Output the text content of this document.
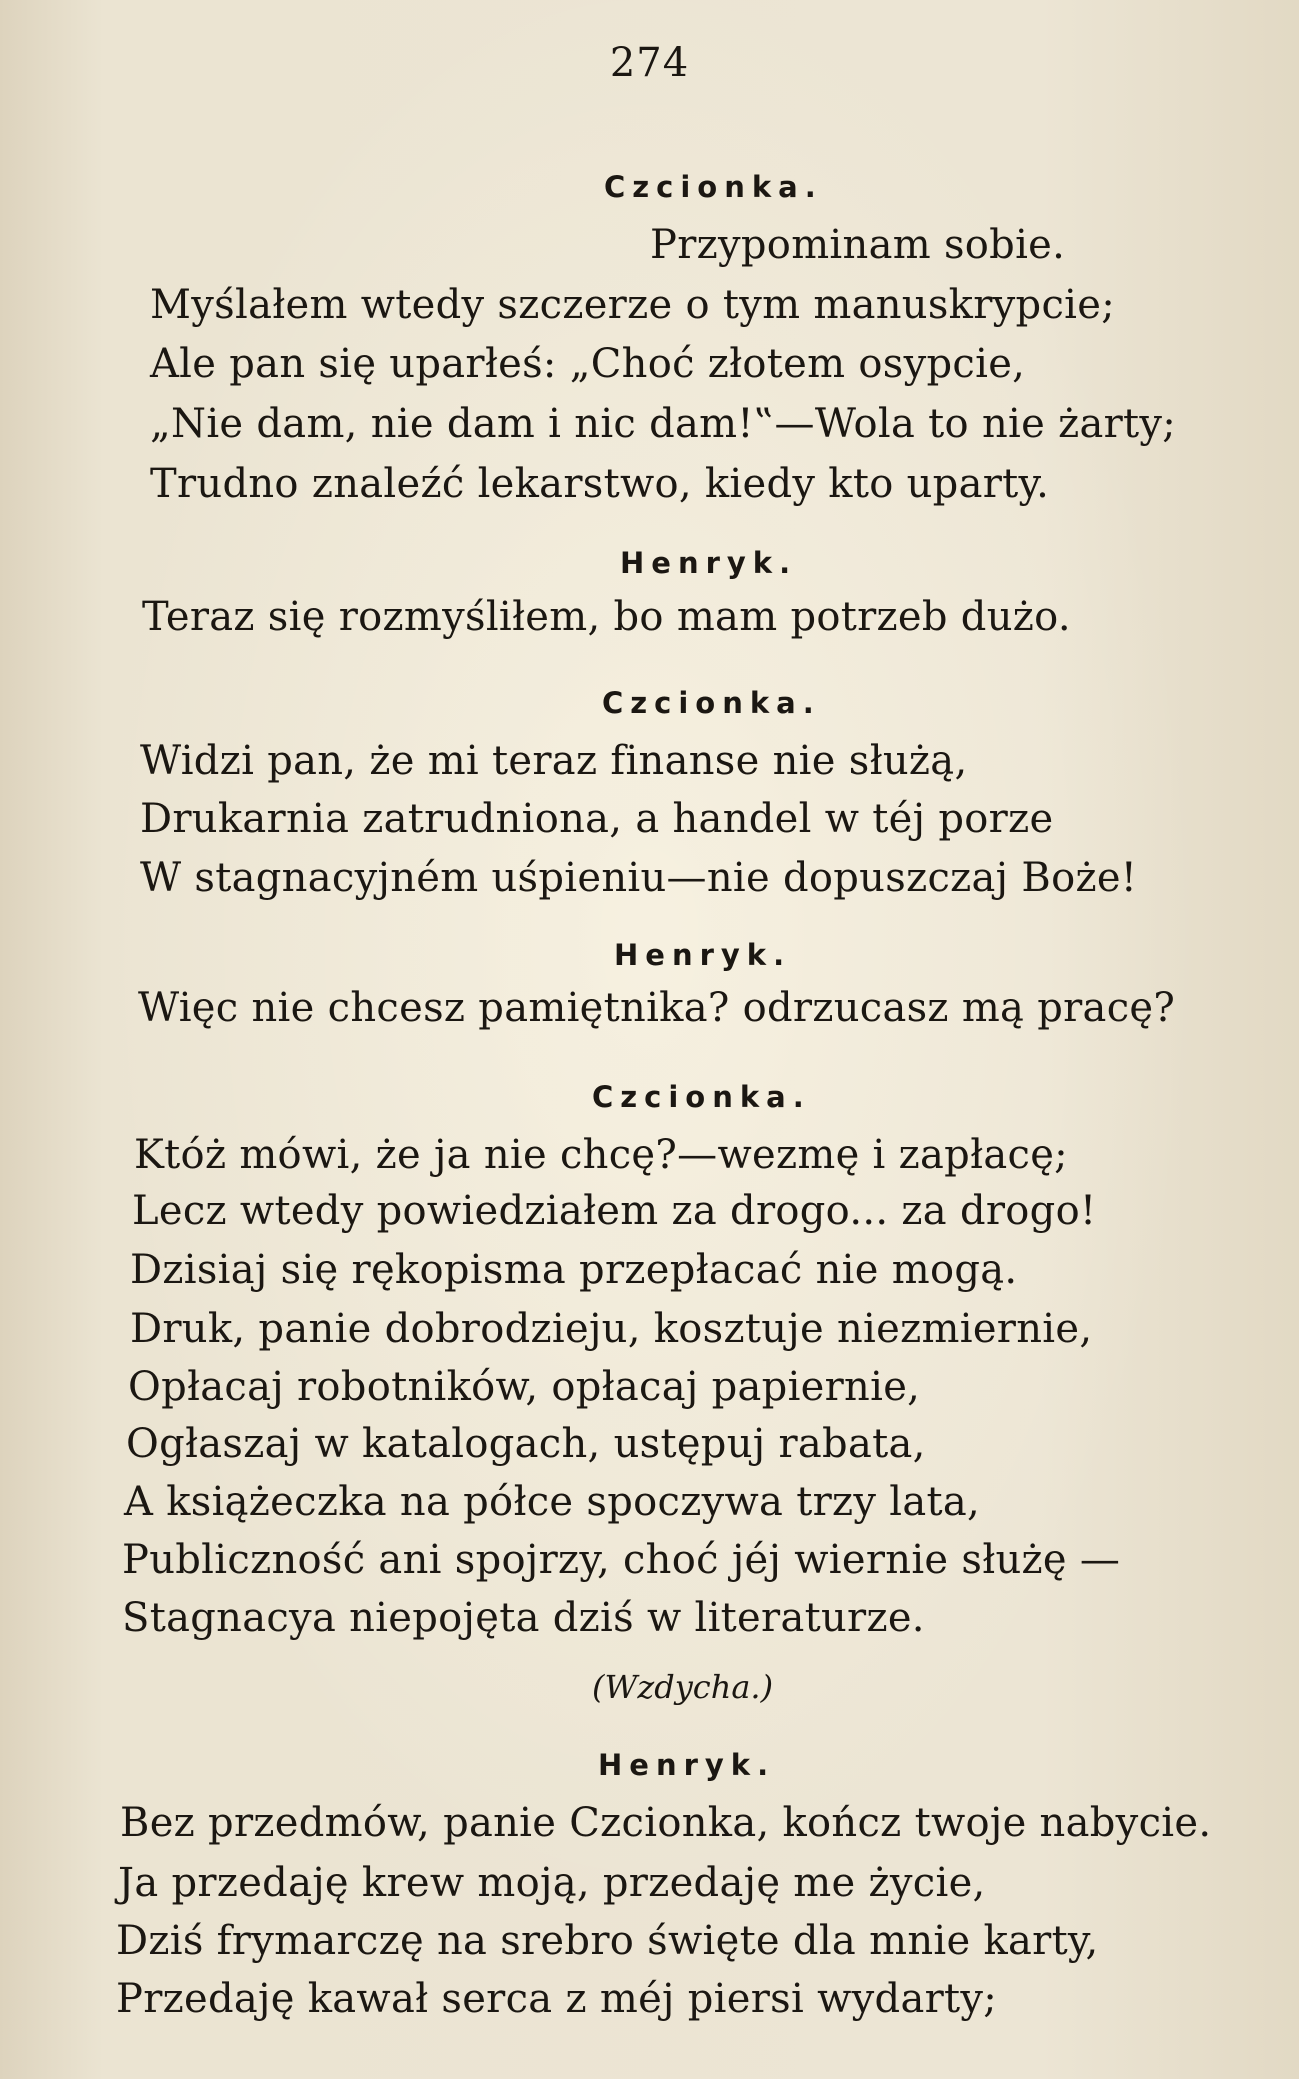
274
Czcionka.
Przypominam sobie.
Myślałem wtedy szczerze o tym manuskrypcie;
Ale pan się uparłeś: „Choć złotem osypcie,
„Nie dam, nie dam i nic dam!‟—Wola to nie żarty;
Trudno znaleźć lekarstwo, kiedy kto uparty.
Henryk.
Teraz się rozmyśliłem, bo mam potrzeb dużo.
Czcionka.
Widzi pan, że mi teraz finanse nie służą,
Drukarnia zatrudniona, a handel w téj porze
W stagnacyjném uśpieniu—nie dopuszczaj Boże!
Henryk.
Więc nie chcesz pamiętnika? odrzucasz mą pracę?
Czcionka.
Któż mówi, że ja nie chcę?—wezmę i zapłacę;
Lecz wtedy powiedziałem za drogo... za drogo!
Dzisiaj się rękopisma przepłacać nie mogą.
Druk, panie dobrodzieju, kosztuje niezmiernie,
Opłacaj robotników, opłacaj papiernie,
Ogłaszaj w katalogach, ustępuj rabata,
A książeczka na półce spoczywa trzy lata,
Publiczność ani spojrzy, choć jéj wiernie służę —
Stagnacya niepojęta dziś w literaturze.
(Wzdycha.)
Henryk.
Bez przedmów, panie Czcionka, kończ twoje nabycie.
Ja przedaję krew moją, przedaję me życie,
Dziś frymarczę na srebro święte dla mnie karty,
Przedaję kawał serca z méj piersi wydarty;
